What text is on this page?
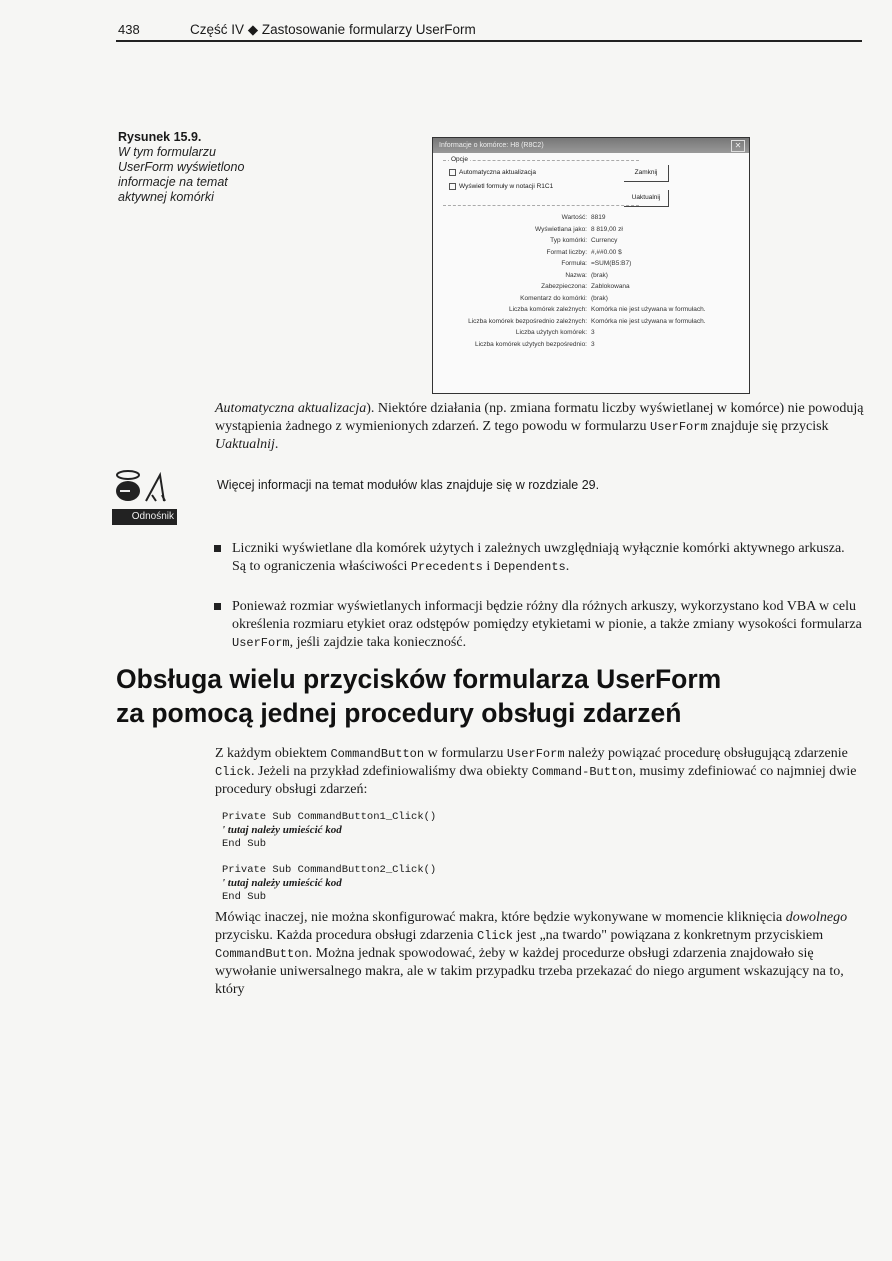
438	Część IV ◆ Zastosowanie formularzy UserForm
Rysunek 15.9.
W tym formularzu UserForm wyświetlono informacje na temat aktywnej komórki
Informacje o komórce: H8 (R8C2)	✕
Opcje
Automatyczna aktualizacja
Wyświetl formuły w notacji R1C1
Zamknij
Uaktualnij
Wartość: 8819
Wyświetlana jako: 8 819,00 zł
Typ komórki: Currency
Format liczby: #,##0.00 $
Formuła: =SUM(B5:B7)
Nazwa: (brak)
Zabezpieczona: Zablokowana
Komentarz do komórki: (brak)
Liczba komórek zależnych: Komórka nie jest używana w formułach.
Liczba komórek bezpośrednio zależnych: Komórka nie jest używana w formułach.
Liczba użytych komórek: 3
Liczba komórek użytych bezpośrednio: 3
Automatyczna aktualizacja). Niektóre działania (np. zmiana formatu liczby wyświetlanej w komórce) nie powodują wystąpienia żadnego z wymienionych zdarzeń. Z tego powodu w formularzu UserForm znajduje się przycisk Uaktualnij.
Odnośnik
Więcej informacji na temat modułów klas znajduje się w rozdziale 29.
Liczniki wyświetlane dla komórek użytych i zależnych uwzględniają wyłącznie komórki aktywnego arkusza. Są to ograniczenia właściwości Precedents i Dependents.
Ponieważ rozmiar wyświetlanych informacji będzie różny dla różnych arkuszy, wykorzystano kod VBA w celu określenia rozmiaru etykiet oraz odstępów pomiędzy etykietami w pionie, a także zmiany wysokości formularza UserForm, jeśli zajdzie taka konieczność.
Obsługa wielu przycisków formularza UserForm
za pomocą jednej procedury obsługi zdarzeń
Z każdym obiektem CommandButton w formularzu UserForm należy powiązać procedurę obsługującą zdarzenie Click. Jeżeli na przykład zdefiniowaliśmy dwa obiekty Command-Button, musimy zdefiniować co najmniej dwie procedury obsługi zdarzeń:
Private Sub CommandButton1_Click()
' tutaj należy umieścić kod
End Sub
Private Sub CommandButton2_Click()
' tutaj należy umieścić kod
End Sub
Mówiąc inaczej, nie można skonfigurować makra, które będzie wykonywane w momencie kliknięcia dowolnego przycisku. Każda procedura obsługi zdarzenia Click jest „na twardo" powiązana z konkretnym przyciskiem CommandButton. Można jednak spowodować, żeby w każdej procedurze obsługi zdarzenia znajdowało się wywołanie uniwersalnego makra, ale w takim przypadku trzeba przekazać do niego argument wskazujący na to, który
